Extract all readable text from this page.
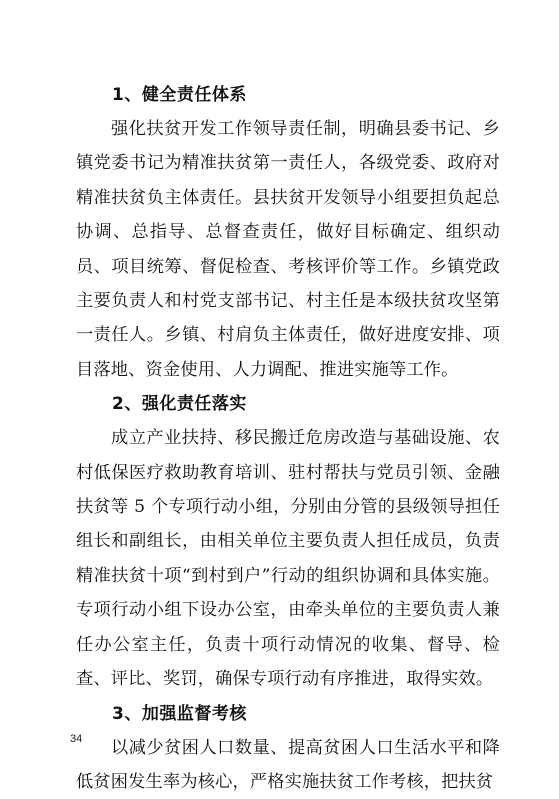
1、健全责任体系

强化扶贫开发工作领导责任制，明确县委书记、乡镇党委书记为精准扶贫第一责任人，各级党委、政府对精准扶贫负主体责任。县扶贫开发领导小组要担负起总协调、总指导、总督查责任，做好目标确定、组织动员、项目统筹、督促检查、考核评价等工作。乡镇党政主要负责人和村党支部书记、村主任是本级扶贫攻坚第一责任人。乡镇、村肩负主体责任，做好进度安排、项目落地、资金使用、人力调配、推进实施等工作。

2、强化责任落实

成立产业扶持、移民搬迁危房改造与基础设施、农村低保医疗救助教育培训、驻村帮扶与党员引领、金融扶贫等 5 个专项行动小组，分别由分管的县级领导担任组长和副组长，由相关单位主要负责人担任成员，负责精准扶贫十项“到村到户”行动的组织协调和具体实施。专项行动小组下设办公室，由牵头单位的主要负责人兼任办公室主任，负责十项行动情况的收集、督导、检查、评比、奖罚，确保专项行动有序推进，取得实效。

3、加强监督考核

以减少贫困人口数量、提高贫困人口生活水平和降低贫困发生率为核心，严格实施扶贫工作考核，把扶贫

34
